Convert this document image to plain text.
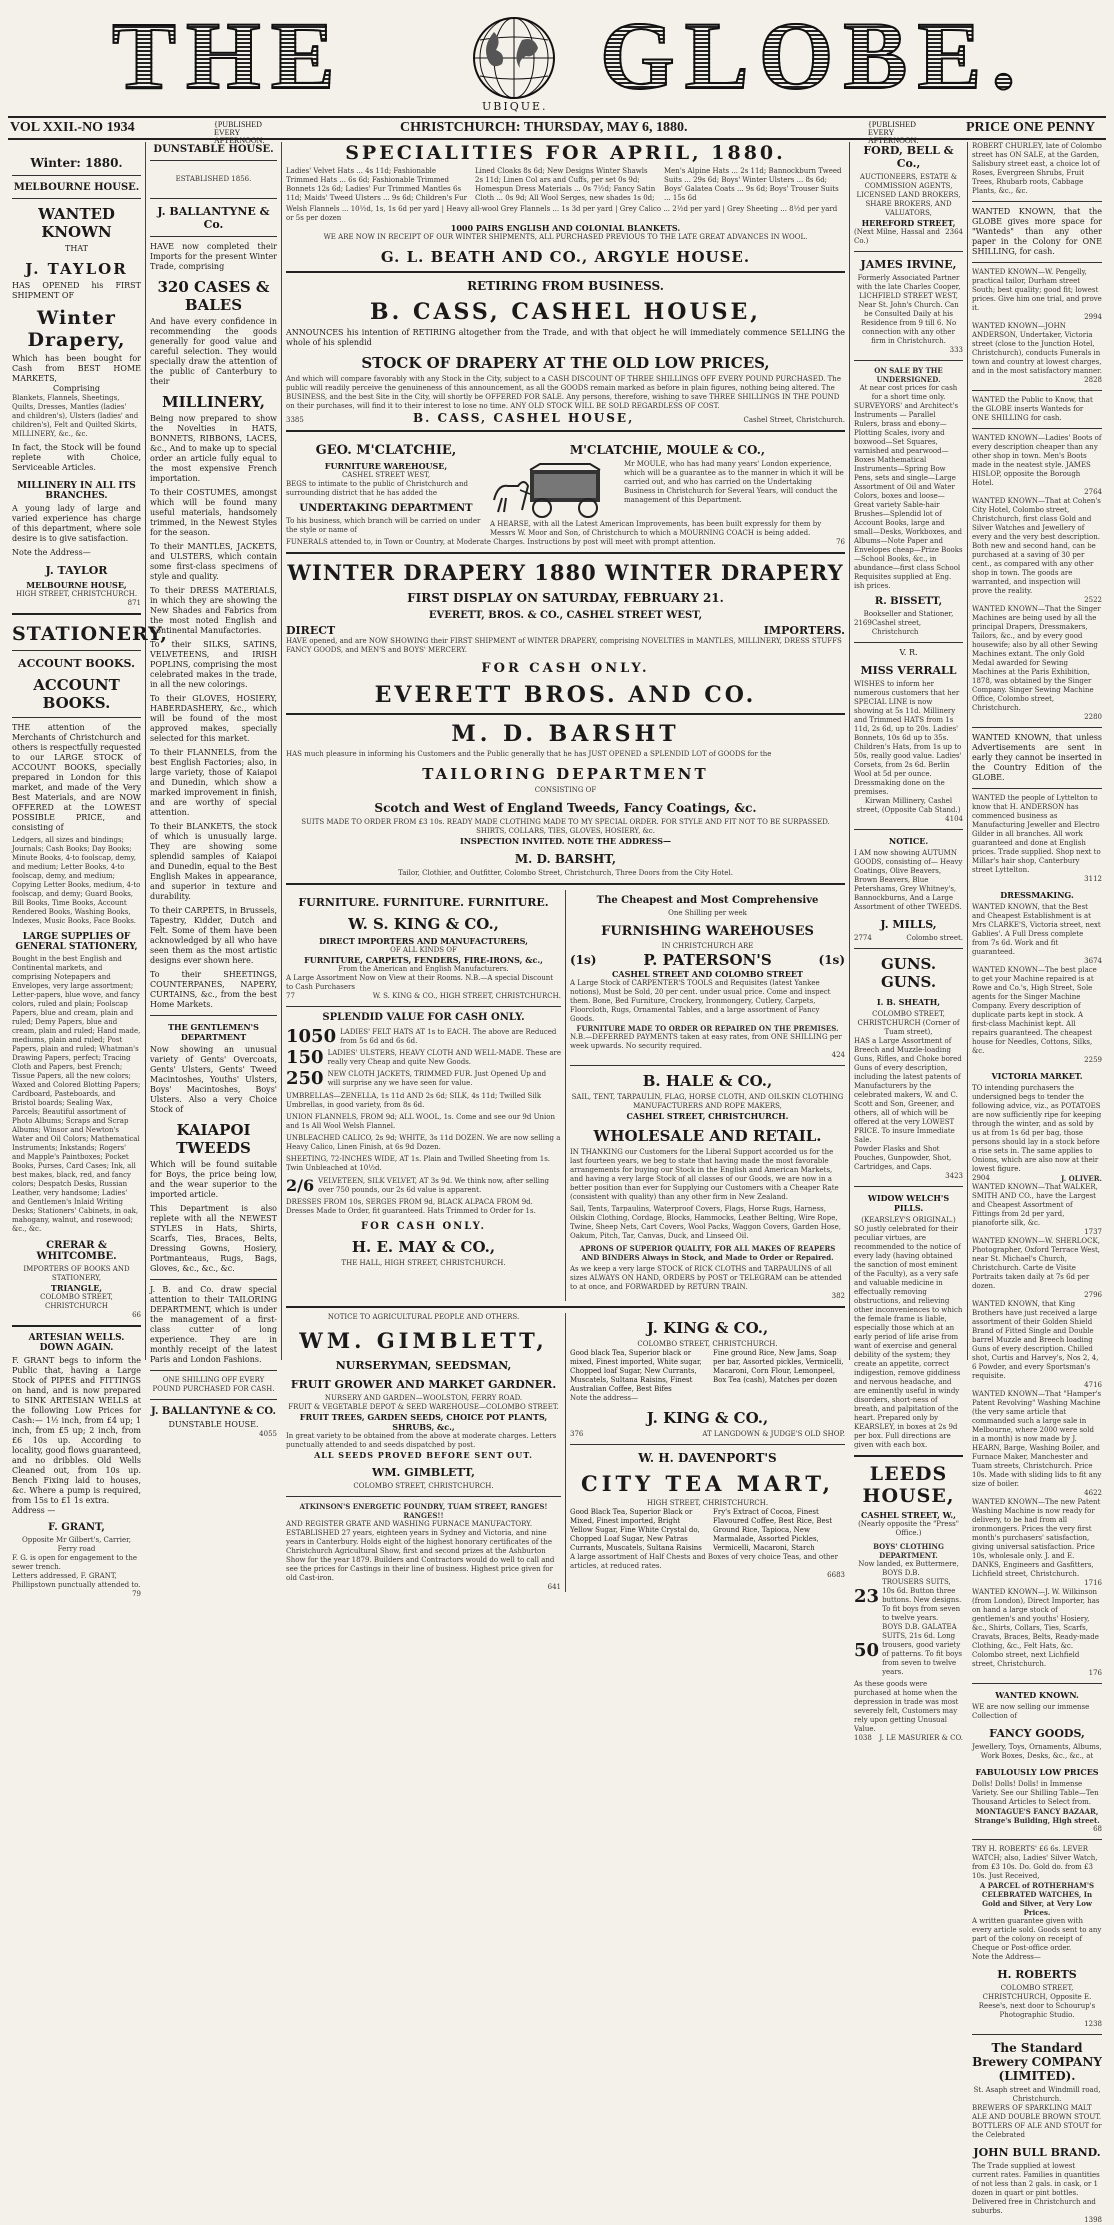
THE	UBIQUE. GLOBE.
VOL XXII.-NO 1934	{PUBLISHED EVERY AFTERNOON.
CHRISTCHURCH: THURSDAY, MAY 6, 1880.	{PUBLISHED EVERY AFTERNOON.
PRICE ONE PENNY
Winter: 1880.
MELBOURNE HOUSE.
WANTED KNOWN
THAT
J. TAYLOR
HAS OPENED his FIRST SHIPMENT OF
Winter Drapery,
Which has been bought for Cash from BEST HOME MARKETS,
Comprising
Blankets, Flannels, Sheetings, Quilts, Dresses, Mantles (ladies' and children's), Ulsters (ladies' and children's), Felt and Quilted Skirts, MILLINERY, &c., &c.
In fact, the Stock will be found replete with Choice, Serviceable Articles.
MILLINERY IN ALL ITS BRANCHES.
A young lady of large and varied experience has charge of this department, where sole desire is to give satisfaction.
Note the Address—
J. TAYLOR
MELBOURNE HOUSE,
HIGH STREET, CHRISTCHURCH.
871
STATIONERY,
ACCOUNT BOOKS.
ACCOUNT BOOKS.
THE attention of the Merchants of Christchurch and others is respectfully requested to our LARGE STOCK of ACCOUNT BOOKS, specially prepared in London for this market, and made of the Very Best Materials, and are NOW OFFERED at the LOWEST POSSIBLE PRICE, and consisting of
Ledgers, all sizes and bindings; Journals; Cash Books; Day Books; Minute Books, 4-to foolscap, demy, and medium; Letter Books, 4-to foolscap, demy, and medium; Copying Letter Books, medium, 4-to foolscap, and demy; Guard Books, Bill Books, Time Books, Account Rendered Books, Washing Books, Indexes, Music Books, Face Books.
LARGE SUPPLIES OF GENERAL STATIONERY,
Bought in the best English and Continental markets, and comprising Notepapers and Envelopes, very large assortment; Letter-papers, blue wove, and fancy colors, ruled and plain; Foolscap Papers, blue and cream, plain and ruled; Demy Papers, blue and cream, plain and ruled; Hand made, mediums, plain and ruled; Post Papers, plain and ruled; Whatman's Drawing Papers, perfect; Tracing Cloth and Papers, best French; Tissue Papers, all the new colors; Waxed and Colored Blotting Papers; Cardboard, Pasteboards, and Bristol boards; Sealing Wax, Parcels; Beautiful assortment of Photo Albums; Scraps and Scrap Albums; Winsor and Newton's Water and Oil Colors; Mathematical Instruments; Inkstands; Rogers' and Mapple's Paintboxes; Pocket Books, Purses, Card Cases; Ink, all best makes, black, red, and fancy colors; Despatch Desks, Russian Leather, very handsome; Ladies' and Gentlemen's Inlaid Writing Desks; Stationers' Cabinets, in oak, mahogany, walnut, and rosewood; &c., &c.
CRERAR & WHITCOMBE.
IMPORTERS OF BOOKS AND STATIONERY,
TRIANGLE,
COLOMBO STREET, CHRISTCHURCH
66
ARTESIAN WELLS. DOWN AGAIN.
F. GRANT begs to inform the Public that, having a Large Stock of PIPES and FITTINGS on hand, and is now prepared to SINK ARTESIAN WELLS at the following Low Prices for Cash:— 1½ inch, from £4 up; 1 inch, from £5 up; 2 inch, from £6 10s up. According to locality, good flows guaranteed, and no dribbles. Old Wells Cleaned out, from 10s up. Bench Fixing laid to houses, &c. Where a pump is required, from 15s to £1 1s extra.
Address —
F. GRANT,
Opposite Mr Gilbert's, Carrier, Ferry road
F. G. is open for engagement to the sewer trench.
Letters addressed, F. GRANT, Phillipstown punctually attended to.
79
DUNSTABLE HOUSE.
ESTABLISHED 1856.
J. BALLANTYNE & Co.
HAVE now completed their Imports for the present Winter Trade, comprising
320 CASES & BALES
And have every confidence in recommending the goods generally for good value and careful selection. They would specially draw the attention of the public of Canterbury to their
MILLINERY,
Being now prepared to show the Novelties in HATS, BONNETS, RIBBONS, LACES, &c., And to make up to special order an article fully equal to the most expensive French importation.
To their COSTUMES, amongst which will be found many useful materials, handsomely trimmed, in the Newest Styles for the season.
To their MANTLES, JACKETS, and ULSTERS, which contain some first-class specimens of style and quality.
To their DRESS MATERIALS, in which they are showing the New Shades and Fabrics from the most noted English and Continental Manufactories.
To their SILKS, SATINS, VELVETEENS, and IRISH POPLINS, comprising the most celebrated makes in the trade, in all the new colorings.
To their GLOVES, HOSIERY, HABERDASHERY, &c., which will be found of the most approved makes, specially selected for this market.
To their FLANNELS, from the best English Factories; also, in large variety, those of Kaiapoi and Dunedin, which show a marked improvement in finish, and are worthy of special attention.
To their BLANKETS, the stock of which is unusually large. They are showing some splendid samples of Kaiapoi and Dunedin, equal to the Best English Makes in appearance, and superior in texture and durability.
To their CARPETS, in Brussels, Tapestry, Kidder, Dutch and Felt. Some of them have been acknowledged by all who have seen them as the most artistic designs ever shown here.
To their SHEETINGS, COUNTERPANES, NAPERY, CURTAINS, &c., from the best Home Markets.
THE GENTLEMEN'S DEPARTMENT
Now showing an unusual variety of Gents' Overcoats, Gents' Ulsters, Gents' Tweed Macintoshes, Youths' Ulsters, Boys' Macintoshes, Boys' Ulsters. Also a very Choice Stock of
KAIAPOI TWEEDS
Which will be found suitable for Boys, the price being low, and the wear superior to the imported article.
This Department is also replete with all the NEWEST STYLES in Hats, Shirts, Scarfs, Ties, Braces, Belts, Dressing Gowns, Hosiery, Portmanteaus, Rugs, Bags, Gloves, &c., &c., &c.
J. B. and Co. draw special attention to their TAILORING DEPARTMENT, which is under the management of a first-class cutter of long experience. They are in monthly receipt of the latest Paris and London Fashions.
ONE SHILLING OFF EVERY POUND PURCHASED FOR CASH.
J. BALLANTYNE & CO.
DUNSTABLE HOUSE.
4055
SPECIALITIES FOR APRIL, 1880.
Ladies' Velvet Hats ... 4s 11d; Fashionable Trimmed Hats ... 6s 6d; Fashionable Trimmed Bonnets 12s 6d; Ladies' Fur Trimmed Mantles 6s 11d; Maids' Tweed Ulsters ... 9s 6d; Children's Fur Lined Cloaks 8s 6d; New Designs Winter Shawls 2s 11d; Linen Col ars and Cuffs, per set 0s 9d; Homespun Dress Materials ... 0s 7½d; Fancy Satin Cloth ... 0s 9d; All Wool Serges, new shades 1s 0d; Men's Alpine Hats ... 2s 11d; Bannockburn Tweed Suits ... 29s 6d; Boys' Winter Ulsters ... 8s 6d; Boys' Galatea Coats ... 9s 6d; Boys' Trouser Suits ... 15s 6d
Welsh Flannels ... 10½d, 1s, 1s 6d per yard | Heavy all-wool Grey Flannels ... 1s 3d per yard | Grey Calico ... 2½d per yard | Grey Sheeting ... 8½d per yard or 5s per dozen
1000 PAIRS ENGLISH AND COLONIAL BLANKETS.
WE ARE NOW IN RECEIPT OF OUR WINTER SHIPMENTS, ALL PURCHASED PREVIOUS TO THE LATE GREAT ADVANCES IN WOOL.
G. L. BEATH AND CO., ARGYLE HOUSE.
RETIRING FROM BUSINESS.
B. CASS, CASHEL HOUSE,
ANNOUNCES his intention of RETIRING altogether from the Trade, and with that object he will immediately commence SELLING the whole of his splendid
STOCK OF DRAPERY AT THE OLD LOW PRICES,
And which will compare favorably with any Stock in the City, subject to a CASH DISCOUNT OF THREE SHILLINGS OFF EVERY POUND PURCHASED. The public will readily perceive the genuineness of this announcement, as all the GOODS remain marked as before in plain figures, nothing being altered. The BUSINESS, and the best Site in the City, will shortly be OFFERED FOR SALE. Any persons, therefore, wishing to save THREE SHILLINGS IN THE POUND on their purchases, will find it to their interest to lose no time. ANY OLD STOCK WILL BE SOLD REGARDLESS OF COST.
3385	B. CASS, CASHEL HOUSE,	Cashel Street, Christchurch.
GEO. M'CLATCHIE,
FURNITURE WAREHOUSE,
CASHEL STREET WEST,
BEGS to intimate to the public of Christchurch and surrounding district that he has added the
UNDERTAKING DEPARTMENT
To his business, which branch will be carried on under the style or name of
M'CLATCHIE, MOULE & CO.,
Mr MOULE, who has had many years' London experience, which will be a guarantee as to the manner in which it will be carried out, and who has carried on the Undertaking Business in Christchurch for Several Years, will conduct the management of this Department.
A HEARSE, with all the Latest American Improvements, has been built expressly for them by Messrs W. Moor and Son, of Christchurch to which a MOURNING COACH is being added.
FUNERALS attended to, in Town or Country, at Moderate Charges. Instructions by post will meet with prompt attention.	76
WINTER DRAPERY 1880 WINTER DRAPERY
FIRST DISPLAY ON SATURDAY, FEBRUARY 21.
EVERETT, BROS. & CO., CASHEL STREET WEST,
DIRECT	IMPORTERS.
HAVE opened, and are NOW SHOWING their FIRST SHIPMENT of WINTER DRAPERY, comprising NOVELTIES in MANTLES, MILLINERY, DRESS STUFFS FANCY GOODS, and MEN'S and BOYS' MERCERY.
FOR CASH ONLY.
EVERETT BROS. AND CO.
M. D. BARSHT
HAS much pleasure in informing his Customers and the Public generally that he has JUST OPENED a SPLENDID LOT of GOODS for the
TAILORING DEPARTMENT
CONSISTING OF
Scotch and West of England Tweeds, Fancy Coatings, &c.
SUITS MADE TO ORDER FROM £3 10s. READY MADE CLOTHING MADE TO MY SPECIAL ORDER. FOR STYLE AND FIT NOT TO BE SURPASSED. SHIRTS, COLLARS, TIES, GLOVES, HOSIERY, &c.
INSPECTION INVITED. NOTE THE ADDRESS—
M. D. BARSHT,
Tailor, Clothier, and Outfitter, Colombo Street, Christchurch, Three Doors from the City Hotel.
FURNITURE. FURNITURE. FURNITURE.
W. S. KING & CO.,
DIRECT IMPORTERS AND MANUFACTURERS,
OF ALL KINDS OF
FURNITURE, CARPETS, FENDERS, FIRE-IRONS, &c.,
From the American and English Manufacturers.
A Large Assortment Now on View at their Rooms. N.B.—A special Discount to Cash Purchasers
77	W. S. KING & CO., HIGH STREET, CHRISTCHURCH.
SPLENDID VALUE FOR CASH ONLY.
1050 LADIES' FELT HATS AT 1s to EACH. The above are Reduced from 5s 6d and 6s 6d.
150 LADIES' ULSTERS, HEAVY CLOTH AND WELL-MADE. These are really very Cheap and quite New Goods.
250 NEW CLOTH JACKETS, TRIMMED FUR. Just Opened Up and will surprise any we have seen for value.
UMBRELLAS—ZENELLA, 1s 11d AND 2s 6d; SILK, 4s 11d; Twilled Silk Umbrellas, in good variety, from 8s 6d.
UNION FLANNELS, FROM 9d; ALL WOOL, 1s. Come and see our 9d Union and 1s All Wool Welsh Flannel.
UNBLEACHED CALICO, 2s 9d; WHITE, 3s 11d DOZEN. We are now selling a Heavy Calico, Linen Finish, at 6s 9d Dozen.
SHEETING, 72-INCHES WIDE, AT 1s. Plain and Twilled Sheeting from 1s. Twin Unbleached at 10½d.
2/6 VELVETEEN, SILK VELVET, AT 3s 9d. We think now, after selling over 750 pounds, our 2s 6d value is apparent.
DRESSES FROM 10s, SERGES FROM 9d, BLACK ALPACA FROM 9d. Dresses Made to Order, fit guaranteed. Hats Trimmed to Order for 1s.
FOR CASH ONLY.
H. E. MAY & CO.,
THE HALL, HIGH STREET, CHRISTCHURCH.
The Cheapest and Most Comprehensive
One Shilling per week
FURNISHING WAREHOUSES
IN CHRISTCHURCH ARE
(1s)	P. PATERSON'S	(1s)
CASHEL STREET AND COLOMBO STREET
A Large Stock of CARPENTER'S TOOLS and Requisites (latest Yankee notions), Must be Sold, 20 per cent. under usual price. Come and inspect them. Bone, Bed Furniture, Crockery, Ironmongery, Cutlery, Carpets, Floorcloth, Rugs, Ornamental Tables, and a large assortment of Fancy Goods.
FURNITURE MADE TO ORDER OR REPAIRED ON THE PREMISES.
N.B.—DEFERRED PAYMENTS taken at easy rates, from ONE SHILLING per week upwards. No security required.
424
B. HALE & CO.,
SAIL, TENT, TARPAULIN, FLAG, HORSE CLOTH, AND OILSKIN CLOTHING MANUFACTURERS AND ROPE MAKERS,
CASHEL STREET, CHRISTCHURCH.
WHOLESALE AND RETAIL.
IN THANKING our Customers for the Liberal Support accorded us for the last fourteen years, we beg to state that having made the most favorable arrangements for buying our Stock in the English and American Markets, and having a very large Stock of all classes of our Goods, we are now in a better position than ever for Supplying our Customers with a Cheaper Rate (consistent with quality) than any other firm in New Zealand.
Sail, Tents, Tarpaulins, Waterproof Covers, Flags, Horse Rugs, Harness, Oilskin Clothing, Cordage, Blocks, Hammocks, Leather Belting, Wire Rope, Twine, Sheep Nets, Cart Covers, Wool Packs, Waggon Covers, Garden Hose, Oakum, Pitch, Tar, Canvas, Duck, and Linseed Oil.
APRONS OF SUPERIOR QUALITY, FOR ALL MAKES OF REAPERS AND BINDERS Always in Stock, and Made to Order or Repaired.
As we keep a very large STOCK of RICK CLOTHS and TARPAULINS of all sizes ALWAYS ON HAND, ORDERS by POST or TELEGRAM can be attended to at once, and FORWARDED by RETURN TRAIN.
382
NOTICE TO AGRICULTURAL PEOPLE AND OTHERS.
WM. GIMBLETT,
NURSERYMAN, SEEDSMAN,
FRUIT GROWER AND MARKET GARDNER.
NURSERY AND GARDEN—WOOLSTON, FERRY ROAD.
FRUIT & VEGETABLE DEPOT & SEED WAREHOUSE—COLOMBO STREET.
FRUIT TREES, GARDEN SEEDS, CHOICE POT PLANTS, SHRUBS, &c.,
In great variety to be obtained from the above at moderate charges. Letters punctually attended to and seeds dispatched by post.
ALL SEEDS PROVED BEFORE SENT OUT.
WM. GIMBLETT,
COLOMBO STREET, CHRISTCHURCH.
ATKINSON'S ENERGETIC FOUNDRY, TUAM STREET, RANGES! RANGES!!
AND REGISTER GRATE AND WASHING FURNACE MANUFACTORY. ESTABLISHED 27 years, eighteen years in Sydney and Victoria, and nine years in Canterbury. Holds eight of the highest honorary certificates of the Christchurch Agricultural Show, first and second prizes at the Ashburton Show for the year 1879. Builders and Contractors would do well to call and see the prices for Castings in their line of business. Highest price given for old Cast-iron.
641
J. KING & CO.,
COLOMBO STREET, CHRISTCHURCH.
Good black Tea, Superior black or mixed, Finest imported, White sugar, Chopped loaf Sugar, New Currants, Muscatels, Sultana Raisins, Finest Australian Coffee, Best Bifes
Fine ground Rice, New Jams, Soap per bar, Assorted pickles, Vermicelli, Macaroni, Corn Flour, Lemonpeel, Box Tea (cash), Matches per dozen
Note the address—
J. KING & CO.,
376	AT LANGDOWN & JUDGE'S OLD SHOP.
W. H. DAVENPORT'S
CITY TEA MART,
HIGH STREET, CHRISTCHURCH.
Good Black Tea, Superior Black or Mixed, Finest imported, Bright Yellow Sugar, Fine White Crystal do, Chopped Loaf Sugar, New Patras Currants, Muscatels, Sultana Raisins
Fry's Extract of Cocoa, Finest Flavoured Coffee, Best Rice, Best Ground Rice, Tapioca, New Marmalade, Assorted Pickles, Vermicelli, Macaroni, Starch
A large assortment of Half Chests and Boxes of very choice Teas, and other articles, at reduced rates.
6683
FORD, BELL & Co.,
AUCTIONEERS, ESTATE & COMMISSION AGENTS,
LICENSED LAND BROKERS, SHARE BROKERS, AND VALUATORS,
HEREFORD STREET,
(Next Milne, Hassal and Co.)
2364
JAMES IRVINE,
Formerly Associated Partner with the late Charles Cooper, LICHFIELD STREET WEST, Near St. John's Church. Can be Consulted Daily at his Residence from 9 till 6. No connection with any other firm in Christchurch.
333
ON SALE BY THE UNDERSIGNED.
At near cost prices for cash for a short time only.
SURVEYORS' and Architect's Instruments — Parallel Rulers, brass and ebony—Plotting Scales, ivory and boxwood—Set Squares, varnished and pearwood—Boxes Mathematical Instruments—Spring Bow Pens, sets and single—Large Assortment of Oil and Water Colors, boxes and loose—Great variety Sable-hair Brushes—Splendid lot of Account Books, large and small—Desks, Workboxes, and Albums—Note Paper and Envelopes cheap—Prize Books—School Books, &c., in abundance—first class School Requisites supplied at Eng. ish prices.
R. BISSETT,
Bookseller and Stationer,
2169 Cashel street, Christchurch
V. R.
MISS VERRALL
WISHES to inform her numerous customers that her SPECIAL LINE is now showing at 5s 11d. Millinery and Trimmed HATS from 1s 11d, 2s 6d, up to 20s. Ladies' Bonnets, 10s 6d up to 35s. Children's Hats, from 1s up to 50s, really good value. Ladies' Corsets, from 2s 6d. Berlin Wool at 5d per ounce. Dressmaking done on the premises.
Kirwan Millinery, Cashel street, (Opposite Cab Stand.)
4104
NOTICE.
I AM now showing AUTUMN GOODS, consisting of— Heavy Coatings, Olive Beavers, Brown Beavers, Blue Petershams, Grey Whitney's, Bannockburns, And a Large Assortment of other TWEEDS.
J. MILLS,
2774	Colombo street.
GUNS. GUNS.
I. B. SHEATH,
COLOMBO STREET, CHRISTCHURCH (Corner of Tuam street),
HAS a Large Assortment of Breech and Muzzle-loading Guns, Rifles, and Choke bored Guns of every description, including the latest patents of Manufacturers by the celebrated makers, W. and C. Scott and Son, Greener, and others, all of which will be offered at the very LOWEST PRICE. To insure Immediate Sale.
Powder Flasks and Shot Pouches, Gunpowder, Shot, Cartridges, and Caps.
3423
WIDOW WELCH'S PILLS.
(KEARSLEY'S ORIGINAL.)
SO justly celebrated for their peculiar virtues, are recommended to the notice of every lady (having obtained the sanction of most eminent of the Faculty), as a very safe and valuable medicine in effectually removing obstructions, and relieving other inconveniences to which the female frame is liable, especially those which at an early period of life arise from want of exercise and general debility of the system; they create an appetite, correct indigestion, remove giddiness and nervous headache, and are eminently useful in windy disorders, short-ness of breath, and palpitation of the heart. Prepared only by KEARSLEY, in boxes at 2s 9d per box. Full directions are given with each box.
LEEDS HOUSE,
CASHEL STREET, W.,
(Nearly opposite the "Press" Office.)
BOYS' CLOTHING DEPARTMENT.
Now landed, ex Buttermere,
23
BOYS D.B. TROUSERS SUITS, 10s 6d. Button three buttons. New designs. To fit boys from seven to twelve years.
50
BOYS D.B. GALATEA SUITS, 21s 6d. Long trousers, good variety of patterns. To fit boys from seven to twelve years.
As these goods were purchased at home when the depression in trade was most severely felt, Customers may rely upon getting Unusual Value.
1038 J. LE MASURIER & CO.
ROBERT CHURLEY, late of Colombo street has ON SALE, at the Garden, Salisbury street east, a choice lot of Roses, Evergreen Shrubs, Fruit Trees, Rhubarb roots, Cabbage Plants, &c., &c.
WANTED KNOWN, that the GLOBE gives more space for "Wanteds" than any other paper in the Colony for ONE SHILLING, for cash.
WANTED KNOWN—W. Pengelly, practical tailor, Durham street South; best quality; good fit; lowest prices. Give him one trial, and prove it.
2994
WANTED KNOWN—JOHN ANDERSON, Undertaker, Victoria street (close to the Junction Hotel, Christchurch), conducts Funerals in town and country at lowest charges, and in the most satisfactory manner.
2828
WANTED the Public to Know, that the GLOBE inserts Wanteds for ONE SHILLING for cash.
WANTED KNOWN—Ladies' Boots of every description cheaper than any other shop in town. Men's Boots made in the neatest style. JAMES HISLOP, opposite the Borough Hotel.
2764
WANTED KNOWN—That at Cohen's City Hotel, Colombo street, Christchurch, first class Gold and Silver Watches and Jewellery of every and the very best description. Both new and second hand, can be purchased at a saving of 30 per cent., as compared with any other shop in town. The goods are warranted, and inspection will prove the reality.
2522
WANTED KNOWN—That the Singer Machines are being used by all the principal Drapers, Dressmakers, Tailors, &c., and by every good housewife; also by all other Sewing Machines extant. The only Gold Medal awarded for Sewing Machines at the Paris Exhibition, 1878, was obtained by the Singer Company. Singer Sewing Machine Office, Colombo street, Christchurch.
2280
WANTED KNOWN, that unless Advertisements are sent in early they cannot be inserted in the Country Edition of the GLOBE.
WANTED the people of Lyttelton to know that H. ANDERSON has commenced business as Manufacturing Jeweller and Electro Gilder in all branches. All work guaranteed and done at English prices. Trade supplied. Shop next to Millar's hair shop, Canterbury street Lyttelton.
3112
DRESSMAKING.
WANTED KNOWN, that the Best and Cheapest Establishment is at Mrs CLARKE'S, Victoria street, next Gablies'. A Full Dress complete from 7s 6d. Work and fit guaranteed.
3674
WANTED KNOWN—The best place to get your Machine repaired is at Rowe and Co.'s, High Street, Sole agents for the Singer Machine Company. Every description of duplicate parts kept in stock. A first-class Machinist kept. All repairs guaranteed. The cheapest house for Needles, Cottons, Silks, &c.
2259
VICTORIA MARKET.
TO intending purchasers the undersigned begs to tender the following advice, viz., as POTATOES are now sufficiently ripe for keeping through the winter, and as sold by us at from 1s 6d per bag, those persons should lay in a stock before a rise sets in. The same applies to Onions, which are also now at their lowest figure.
2904	J. OLIVER.
WANTED KNOWN—That WALKER, SMITH AND CO., have the Largest and Cheapest Assortment of Fittings from 2d per yard, pianoforte silk, &c.
1737
WANTED KNOWN—W. SHERLOCK, Photographer, Oxford Terrace West, near St. Michael's Church, Christchurch. Carte de Visite Portraits taken daily at 7s 6d per dozen.
2796
WANTED KNOWN, that King Brothers have just received a large assortment of their Golden Shield Brand of Fitted Single and Double barrel Muzzle and Breech loading Guns of every description. Chilled shot, Curtis and Harvey's, Nos 2, 4, 6 Powder, and every Sportsman's requisite.
4716
WANTED KNOWN—That "Hamper's Patent Revolving" Washing Machine (the very same article that commanded such a large sale in Melbourne, where 2000 were sold in a month) is now made by J. HEARN, Barge, Washing Boiler, and Furnace Maker, Manchester and Tuam streets, Christchurch. Price 10s. Made with sliding lids to fit any size of boiler.
4622
WANTED KNOWN—The new Patent Washing Machine is now ready for delivery, to be had from all ironmongers. Prices the very first month's purchasers' satisfaction, giving universal satisfaction. Price 10s, wholesale only. J. and E. DANKS, Engineers and Gasfitters, Lichfield street, Christchurch.
1716
WANTED KNOWN—J. W. Wilkinson (from London), Direct Importer, has on hand a large stock of gentlemen's and youths' Hosiery, &c., Shirts, Collars, Ties, Scarfs, Cravats, Braces, Belts, Ready-made Clothing, &c., Felt Hats, &c. Colombo street, next Lichfield street, Christchurch.
176
WANTED KNOWN.
WE are now selling our immense Collection of
FANCY GOODS,
Jewellery, Toys, Ornaments, Albums, Work Boxes, Desks, &c., &c., at
FABULOUSLY LOW PRICES
Dolls! Dolls! Dolls! in Immense Variety. See our Shilling Table—Ten Thousand Articles to Select from.
MONTAGUE'S FANCY BAZAAR, Strange's Building, High street.
68
TRY H. ROBERTS' £6 6s. LEVER WATCH; also, Ladies' Silver Watch, from £3 10s. Do. Gold do. from £3 10s. Just Received,
A PARCEL of ROTHERHAM'S CELEBRATED WATCHES, In Gold and Silver, at Very Low Prices.
A written guarantee given with every article sold. Goods sent to any part of the colony on receipt of Cheque or Post-office order.
Note the Address—
H. ROBERTS
COLOMBO STREET, CHRISTCHURCH, Opposite E. Reese's, next door to Schourup's Photographic Studio.
1238
The Standard Brewery COMPANY (LIMITED).
St. Asaph street and Windmill road, Christchurch.
BREWERS OF SPARKLING MALT ALE AND DOUBLE BROWN STOUT. BOTTLERS OF ALE AND STOUT for the Celebrated
JOHN BULL BRAND.
The Trade supplied at lowest current rates. Families in quantities of not less than 2 gals. in cask, or 1 dozen in quart or pint bottles. Delivered free in Christchurch and suburbs.
1398
